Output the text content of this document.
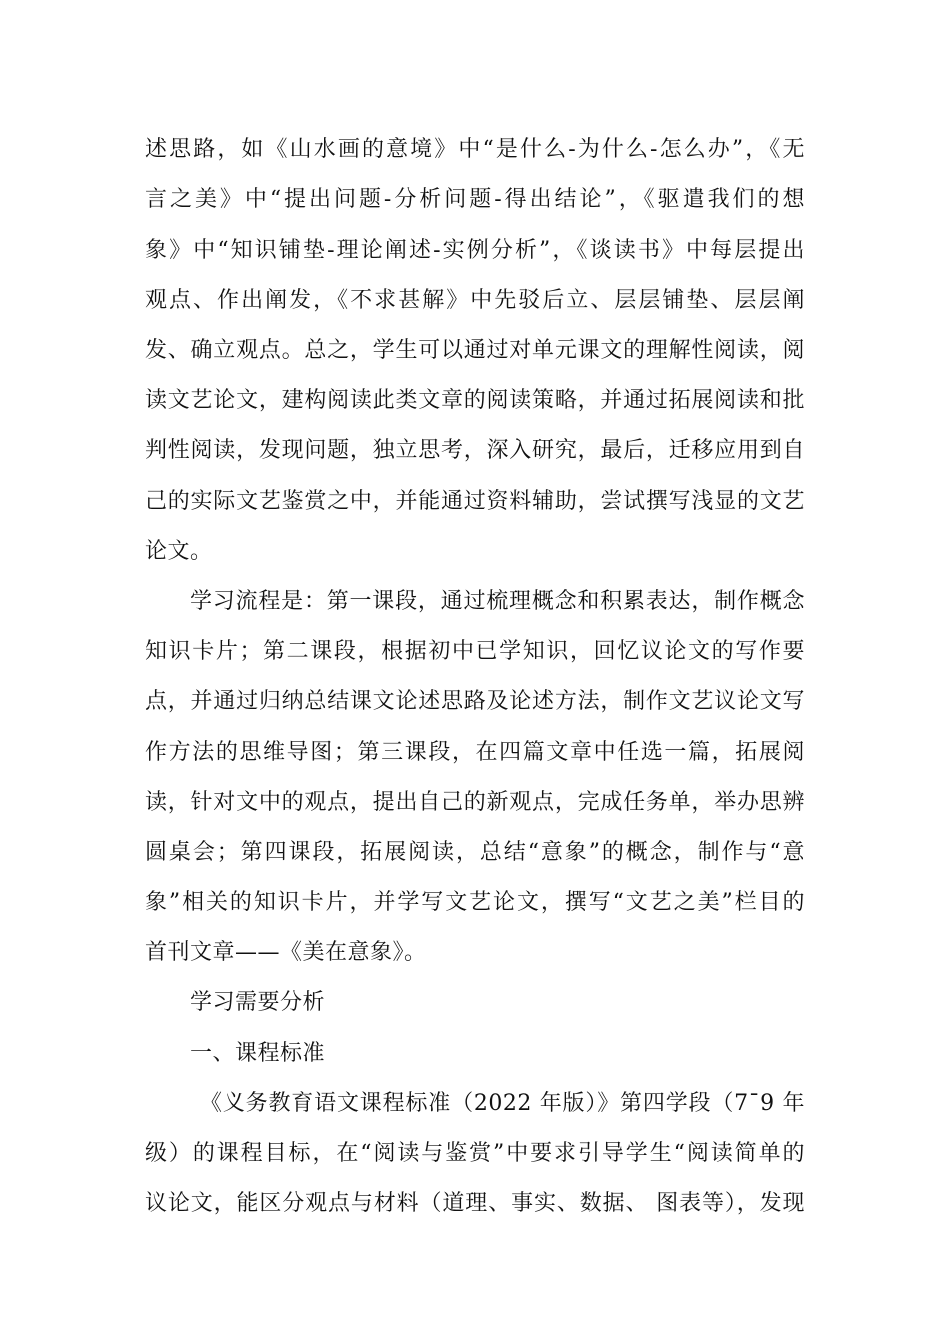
述思路，如《山水画的意境》中“是什么-为什么-怎么办”，《无
言之美》中“提出问题-分析问题-得出结论”，《驱遣我们的想
象》中“知识铺垫-理论阐述-实例分析”，《谈读书》中每层提出
观点、作出阐发，《不求甚解》中先驳后立、层层铺垫、层层阐
发、确立观点。总之，学生可以通过对单元课文的理解性阅读，阅
读文艺论文，建构阅读此类文章的阅读策略，并通过拓展阅读和批
判性阅读，发现问题，独立思考，深入研究，最后，迁移应用到自
己的实际文艺鉴赏之中，并能通过资料辅助，尝试撰写浅显的文艺
论文。
学习流程是：第一课段，通过梳理概念和积累表达，制作概念
知识卡片；第二课段，根据初中已学知识，回忆议论文的写作要
点，并通过归纳总结课文论述思路及论述方法，制作文艺议论文写
作方法的思维导图；第三课段，在四篇文章中任选一篇，拓展阅
读，针对文中的观点，提出自己的新观点，完成任务单，举办思辨
圆桌会；第四课段，拓展阅读，总结“意象”的概念，制作与“意
象”相关的知识卡片，并学写文艺论文，撰写“文艺之美”栏目的
首刊文章——《美在意象》。
学习需要分析
一、课程标准
《义务教育语文课程标准（2022 年版）》第四学段（7¯9 年
级）的课程目标，在“阅读与鉴赏”中要求引导学生“阅读简单的
议论文，能区分观点与材料（道理、事实、数据、 图表等），发现
